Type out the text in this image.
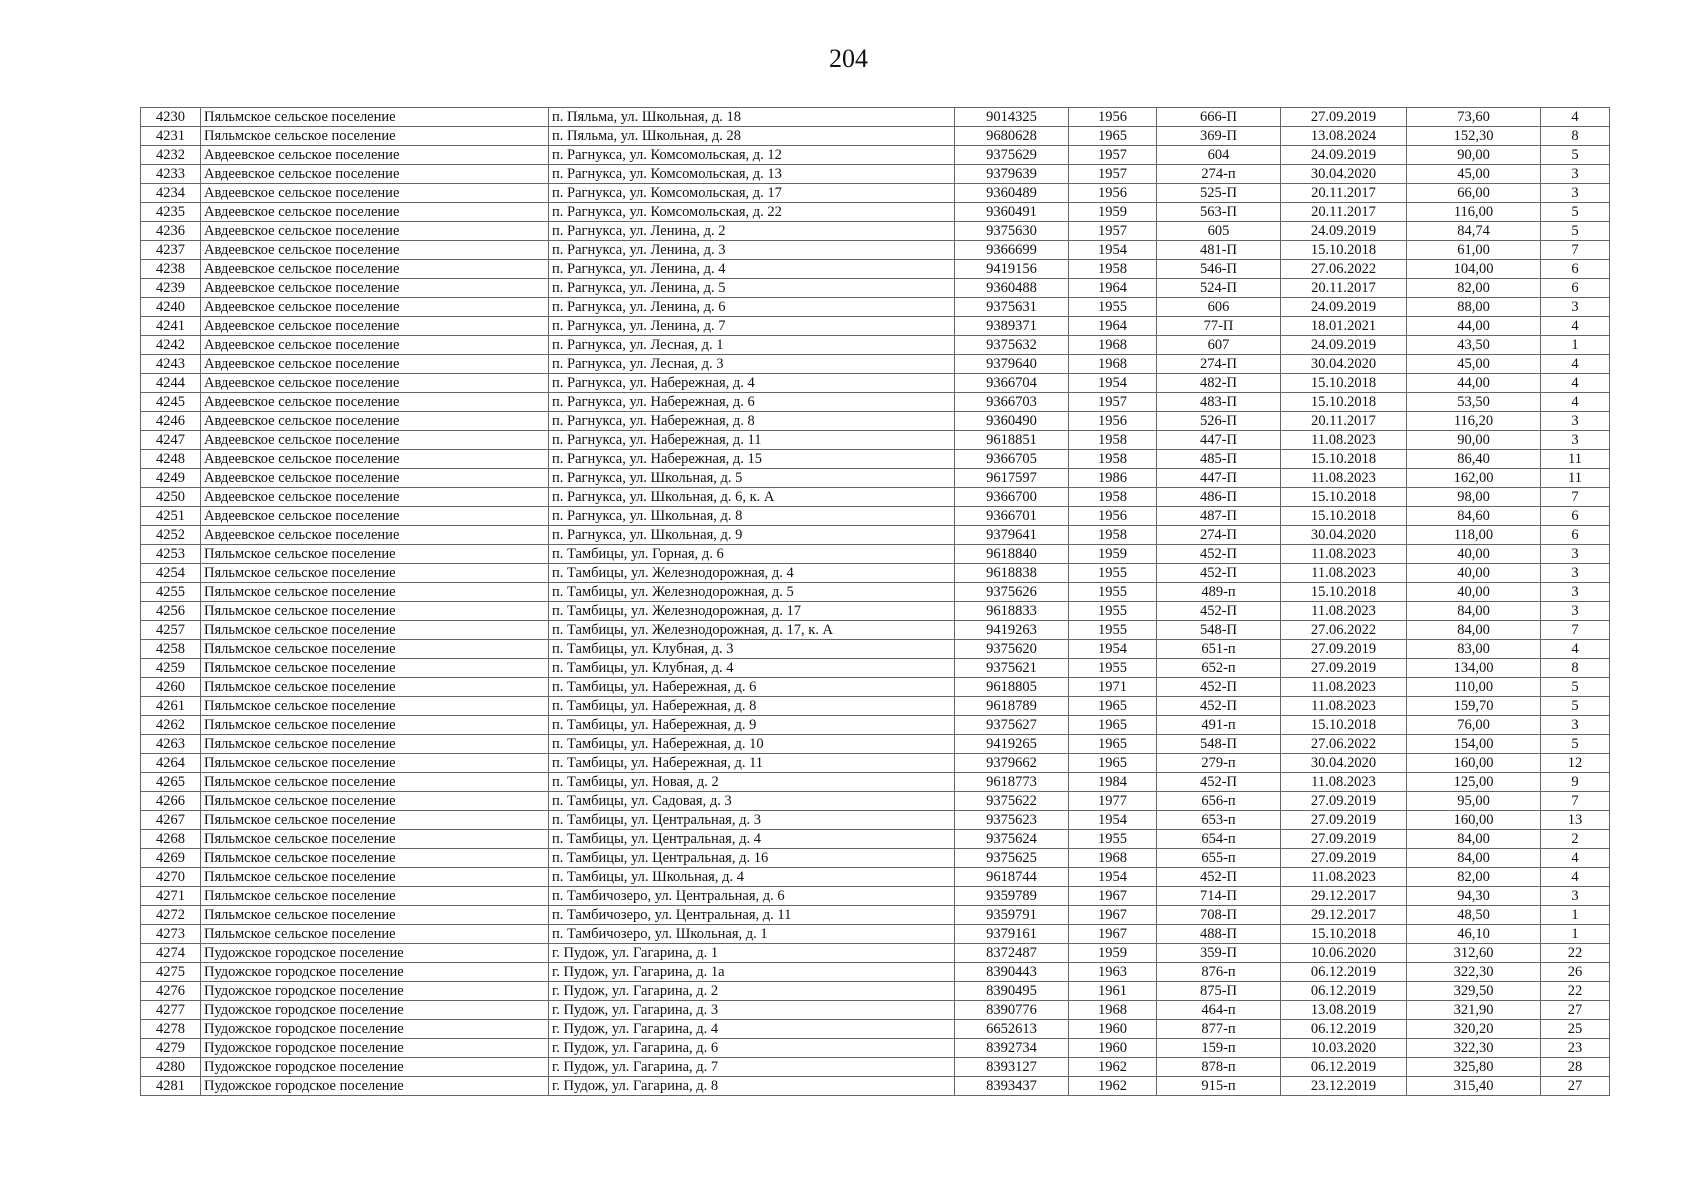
204
4230	Пяльмское сельское поселение	п. Пяльма, ул. Школьная, д. 18	9014325	1956	666-П	27.09.2019	73,60	4
4231	Пяльмское сельское поселение	п. Пяльма, ул. Школьная, д. 28	9680628	1965	369-П	13.08.2024	152,30	8
4232	Авдеевское сельское поселение	п. Рагнукса, ул. Комсомольская, д. 12	9375629	1957	604	24.09.2019	90,00	5
4233	Авдеевское сельское поселение	п. Рагнукса, ул. Комсомольская, д. 13	9379639	1957	274-п	30.04.2020	45,00	3
4234	Авдеевское сельское поселение	п. Рагнукса, ул. Комсомольская, д. 17	9360489	1956	525-П	20.11.2017	66,00	3
4235	Авдеевское сельское поселение	п. Рагнукса, ул. Комсомольская, д. 22	9360491	1959	563-П	20.11.2017	116,00	5
4236	Авдеевское сельское поселение	п. Рагнукса, ул. Ленина, д. 2	9375630	1957	605	24.09.2019	84,74	5
4237	Авдеевское сельское поселение	п. Рагнукса, ул. Ленина, д. 3	9366699	1954	481-П	15.10.2018	61,00	7
4238	Авдеевское сельское поселение	п. Рагнукса, ул. Ленина, д. 4	9419156	1958	546-П	27.06.2022	104,00	6
4239	Авдеевское сельское поселение	п. Рагнукса, ул. Ленина, д. 5	9360488	1964	524-П	20.11.2017	82,00	6
4240	Авдеевское сельское поселение	п. Рагнукса, ул. Ленина, д. 6	9375631	1955	606	24.09.2019	88,00	3
4241	Авдеевское сельское поселение	п. Рагнукса, ул. Ленина, д. 7	9389371	1964	77-П	18.01.2021	44,00	4
4242	Авдеевское сельское поселение	п. Рагнукса, ул. Лесная, д. 1	9375632	1968	607	24.09.2019	43,50	1
4243	Авдеевское сельское поселение	п. Рагнукса, ул. Лесная, д. 3	9379640	1968	274-П	30.04.2020	45,00	4
4244	Авдеевское сельское поселение	п. Рагнукса, ул. Набережная, д. 4	9366704	1954	482-П	15.10.2018	44,00	4
4245	Авдеевское сельское поселение	п. Рагнукса, ул. Набережная, д. 6	9366703	1957	483-П	15.10.2018	53,50	4
4246	Авдеевское сельское поселение	п. Рагнукса, ул. Набережная, д. 8	9360490	1956	526-П	20.11.2017	116,20	3
4247	Авдеевское сельское поселение	п. Рагнукса, ул. Набережная, д. 11	9618851	1958	447-П	11.08.2023	90,00	3
4248	Авдеевское сельское поселение	п. Рагнукса, ул. Набережная, д. 15	9366705	1958	485-П	15.10.2018	86,40	11
4249	Авдеевское сельское поселение	п. Рагнукса, ул. Школьная, д. 5	9617597	1986	447-П	11.08.2023	162,00	11
4250	Авдеевское сельское поселение	п. Рагнукса, ул. Школьная, д. 6, к. А	9366700	1958	486-П	15.10.2018	98,00	7
4251	Авдеевское сельское поселение	п. Рагнукса, ул. Школьная, д. 8	9366701	1956	487-П	15.10.2018	84,60	6
4252	Авдеевское сельское поселение	п. Рагнукса, ул. Школьная, д. 9	9379641	1958	274-П	30.04.2020	118,00	6
4253	Пяльмское сельское поселение	п. Тамбицы, ул. Горная, д. 6	9618840	1959	452-П	11.08.2023	40,00	3
4254	Пяльмское сельское поселение	п. Тамбицы, ул. Железнодорожная, д. 4	9618838	1955	452-П	11.08.2023	40,00	3
4255	Пяльмское сельское поселение	п. Тамбицы, ул. Железнодорожная, д. 5	9375626	1955	489-п	15.10.2018	40,00	3
4256	Пяльмское сельское поселение	п. Тамбицы, ул. Железнодорожная, д. 17	9618833	1955	452-П	11.08.2023	84,00	3
4257	Пяльмское сельское поселение	п. Тамбицы, ул. Железнодорожная, д. 17, к. А	9419263	1955	548-П	27.06.2022	84,00	7
4258	Пяльмское сельское поселение	п. Тамбицы, ул. Клубная, д. 3	9375620	1954	651-п	27.09.2019	83,00	4
4259	Пяльмское сельское поселение	п. Тамбицы, ул. Клубная, д. 4	9375621	1955	652-п	27.09.2019	134,00	8
4260	Пяльмское сельское поселение	п. Тамбицы, ул. Набережная, д. 6	9618805	1971	452-П	11.08.2023	110,00	5
4261	Пяльмское сельское поселение	п. Тамбицы, ул. Набережная, д. 8	9618789	1965	452-П	11.08.2023	159,70	5
4262	Пяльмское сельское поселение	п. Тамбицы, ул. Набережная, д. 9	9375627	1965	491-п	15.10.2018	76,00	3
4263	Пяльмское сельское поселение	п. Тамбицы, ул. Набережная, д. 10	9419265	1965	548-П	27.06.2022	154,00	5
4264	Пяльмское сельское поселение	п. Тамбицы, ул. Набережная, д. 11	9379662	1965	279-п	30.04.2020	160,00	12
4265	Пяльмское сельское поселение	п. Тамбицы, ул. Новая, д. 2	9618773	1984	452-П	11.08.2023	125,00	9
4266	Пяльмское сельское поселение	п. Тамбицы, ул. Садовая, д. 3	9375622	1977	656-п	27.09.2019	95,00	7
4267	Пяльмское сельское поселение	п. Тамбицы, ул. Центральная, д. 3	9375623	1954	653-п	27.09.2019	160,00	13
4268	Пяльмское сельское поселение	п. Тамбицы, ул. Центральная, д. 4	9375624	1955	654-п	27.09.2019	84,00	2
4269	Пяльмское сельское поселение	п. Тамбицы, ул. Центральная, д. 16	9375625	1968	655-п	27.09.2019	84,00	4
4270	Пяльмское сельское поселение	п. Тамбицы, ул. Школьная, д. 4	9618744	1954	452-П	11.08.2023	82,00	4
4271	Пяльмское сельское поселение	п. Тамбичозеро, ул. Центральная, д. 6	9359789	1967	714-П	29.12.2017	94,30	3
4272	Пяльмское сельское поселение	п. Тамбичозеро, ул. Центральная, д. 11	9359791	1967	708-П	29.12.2017	48,50	1
4273	Пяльмское сельское поселение	п. Тамбичозеро, ул. Школьная, д. 1	9379161	1967	488-П	15.10.2018	46,10	1
4274	Пудожское городское поселение	г. Пудож, ул. Гагарина, д. 1	8372487	1959	359-П	10.06.2020	312,60	22
4275	Пудожское городское поселение	г. Пудож, ул. Гагарина, д. 1а	8390443	1963	876-п	06.12.2019	322,30	26
4276	Пудожское городское поселение	г. Пудож, ул. Гагарина, д. 2	8390495	1961	875-П	06.12.2019	329,50	22
4277	Пудожское городское поселение	г. Пудож, ул. Гагарина, д. 3	8390776	1968	464-п	13.08.2019	321,90	27
4278	Пудожское городское поселение	г. Пудож, ул. Гагарина, д. 4	6652613	1960	877-п	06.12.2019	320,20	25
4279	Пудожское городское поселение	г. Пудож, ул. Гагарина, д. 6	8392734	1960	159-п	10.03.2020	322,30	23
4280	Пудожское городское поселение	г. Пудож, ул. Гагарина, д. 7	8393127	1962	878-п	06.12.2019	325,80	28
4281	Пудожское городское поселение	г. Пудож, ул. Гагарина, д. 8	8393437	1962	915-п	23.12.2019	315,40	27
